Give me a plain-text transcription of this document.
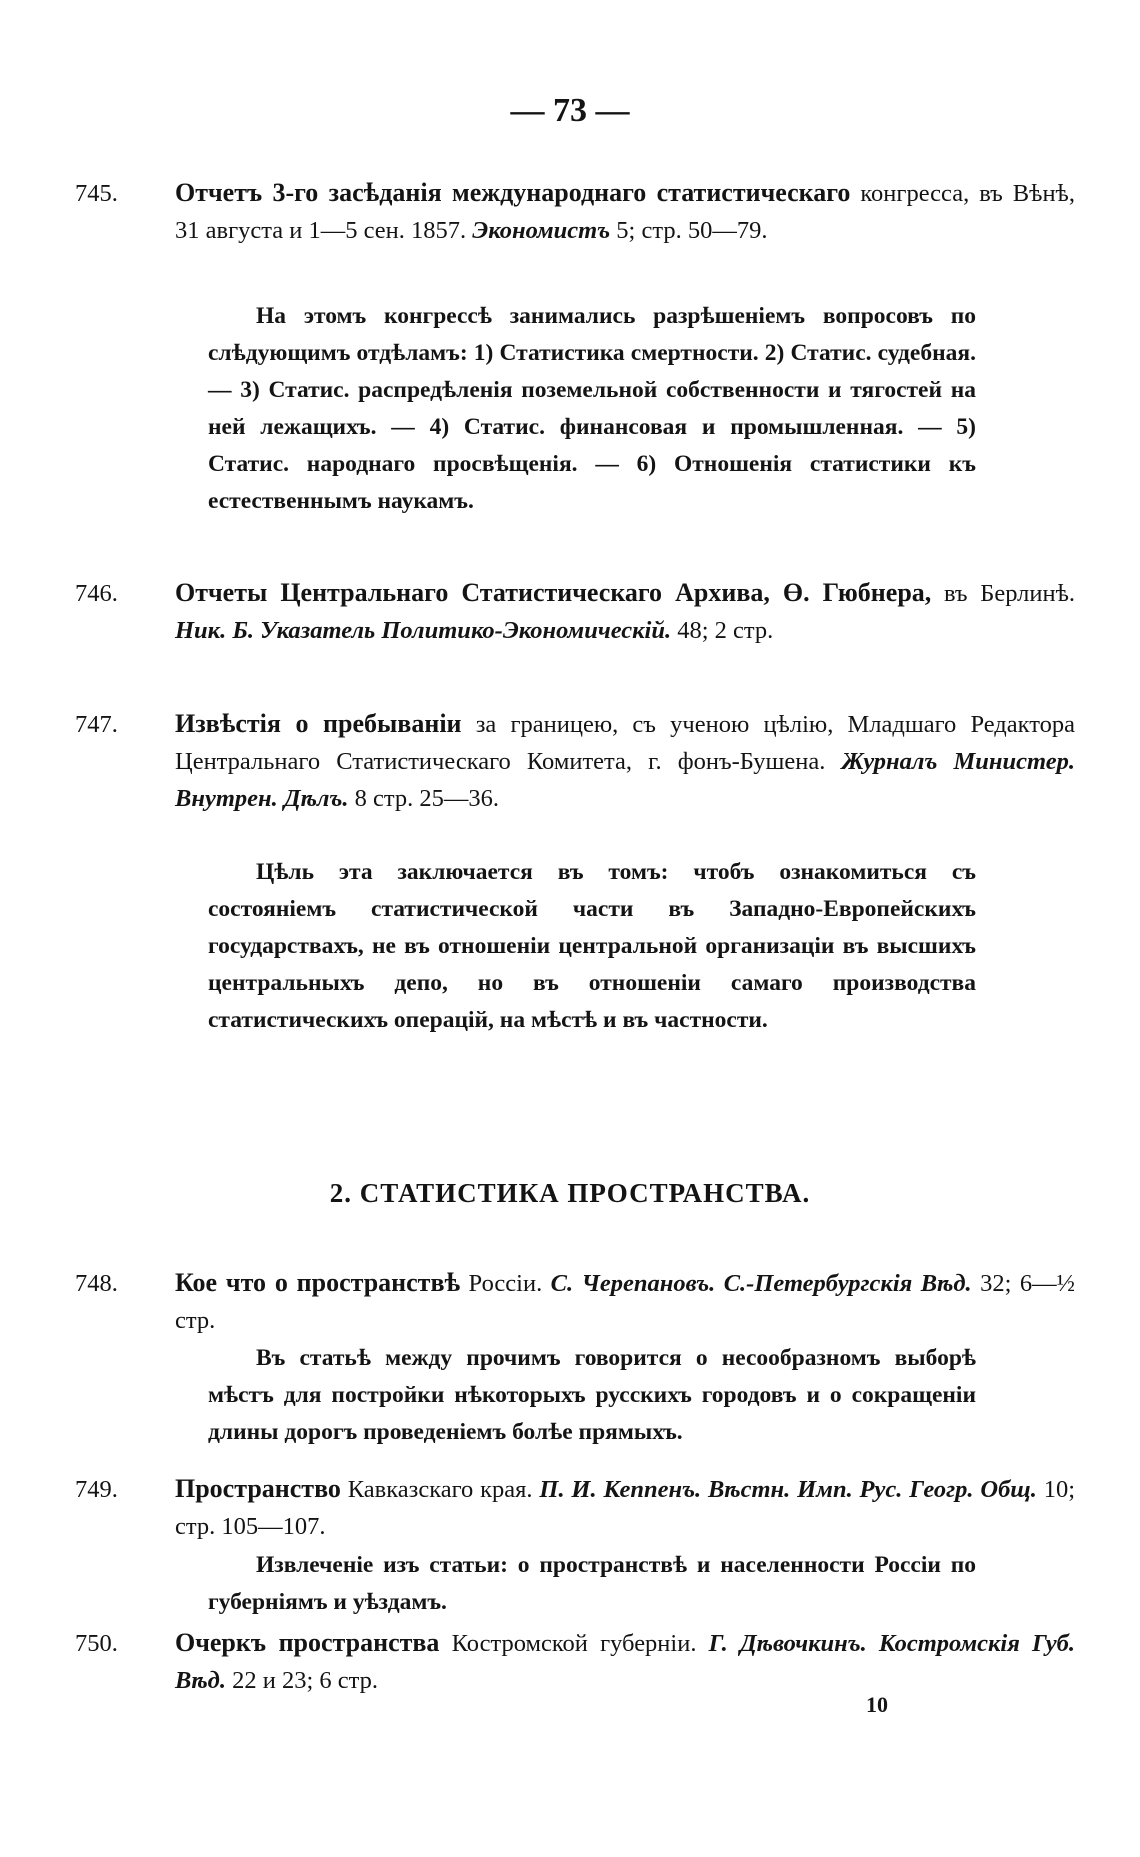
— 73 —
745. Отчетъ 3-го засѣданія международнаго статистическаго конгресса, въ Вѣнѣ, 31 августа и 1—5 сен. 1857. Экономистъ 5; стр. 50—79.
На этомъ конгрессѣ занимались разрѣшеніемъ вопросовъ по слѣдующимъ отдѣламъ: 1) Статистика смертности. 2) Статис. судебная. — 3) Статис. распредѣленія поземельной собственности и тягостей на ней лежащихъ. — 4) Статис. финансовая и промышленная. — 5) Статис. народнаго просвѣщенія. — 6) Отношенія статистики къ естественнымъ наукамъ.
746. Отчеты Центральнаго Статистическаго Архива, Ө. Гюбнера, въ Берлинѣ. Ник. Б. Указатель Политико-Экономическій. 48; 2 стр.
747. Извѣстія о пребываніи за границею, съ ученою цѣлію, Младшаго Редактора Центральнаго Статистическаго Комитета, г. фонъ-Бушена. Журналъ Министер. Внутрен. Дѣлъ. 8 стр. 25—36.
Цѣль эта заключается въ томъ: чтобъ ознакомиться съ состояніемъ статистической части въ Западно-Европейскихъ государствахъ, не въ отношеніи центральной организаціи въ высшихъ центральныхъ депо, но въ отношеніи самаго производства статистическихъ операцій, на мѣстѣ и въ частности.
2. СТАТИСТИКА ПРОСТРАНСТВА.
748. Кое что о пространствѣ Россіи. С. Черепановъ. С.-Петербургскія Вѣд. 32; 6—½ стр.
Въ статьѣ между прочимъ говорится о несообразномъ выборѣ мѣстъ для постройки нѣкоторыхъ русскихъ городовъ и о сокращеніи длины дорогъ проведеніемъ болѣе прямыхъ.
749. Пространство Кавказскаго края. П. И. Кеппенъ. Вѣстн. Имп. Рус. Геогр. Общ. 10; стр. 105—107.
Извлеченіе изъ статьи: о пространствѣ и населенности Россіи по губерніямъ и уѣздамъ.
750. Очеркъ пространства Костромской губерніи. Г. Дѣвочкинъ. Костромскія Губ. Вѣд. 22 и 23; 6 стр.
10
